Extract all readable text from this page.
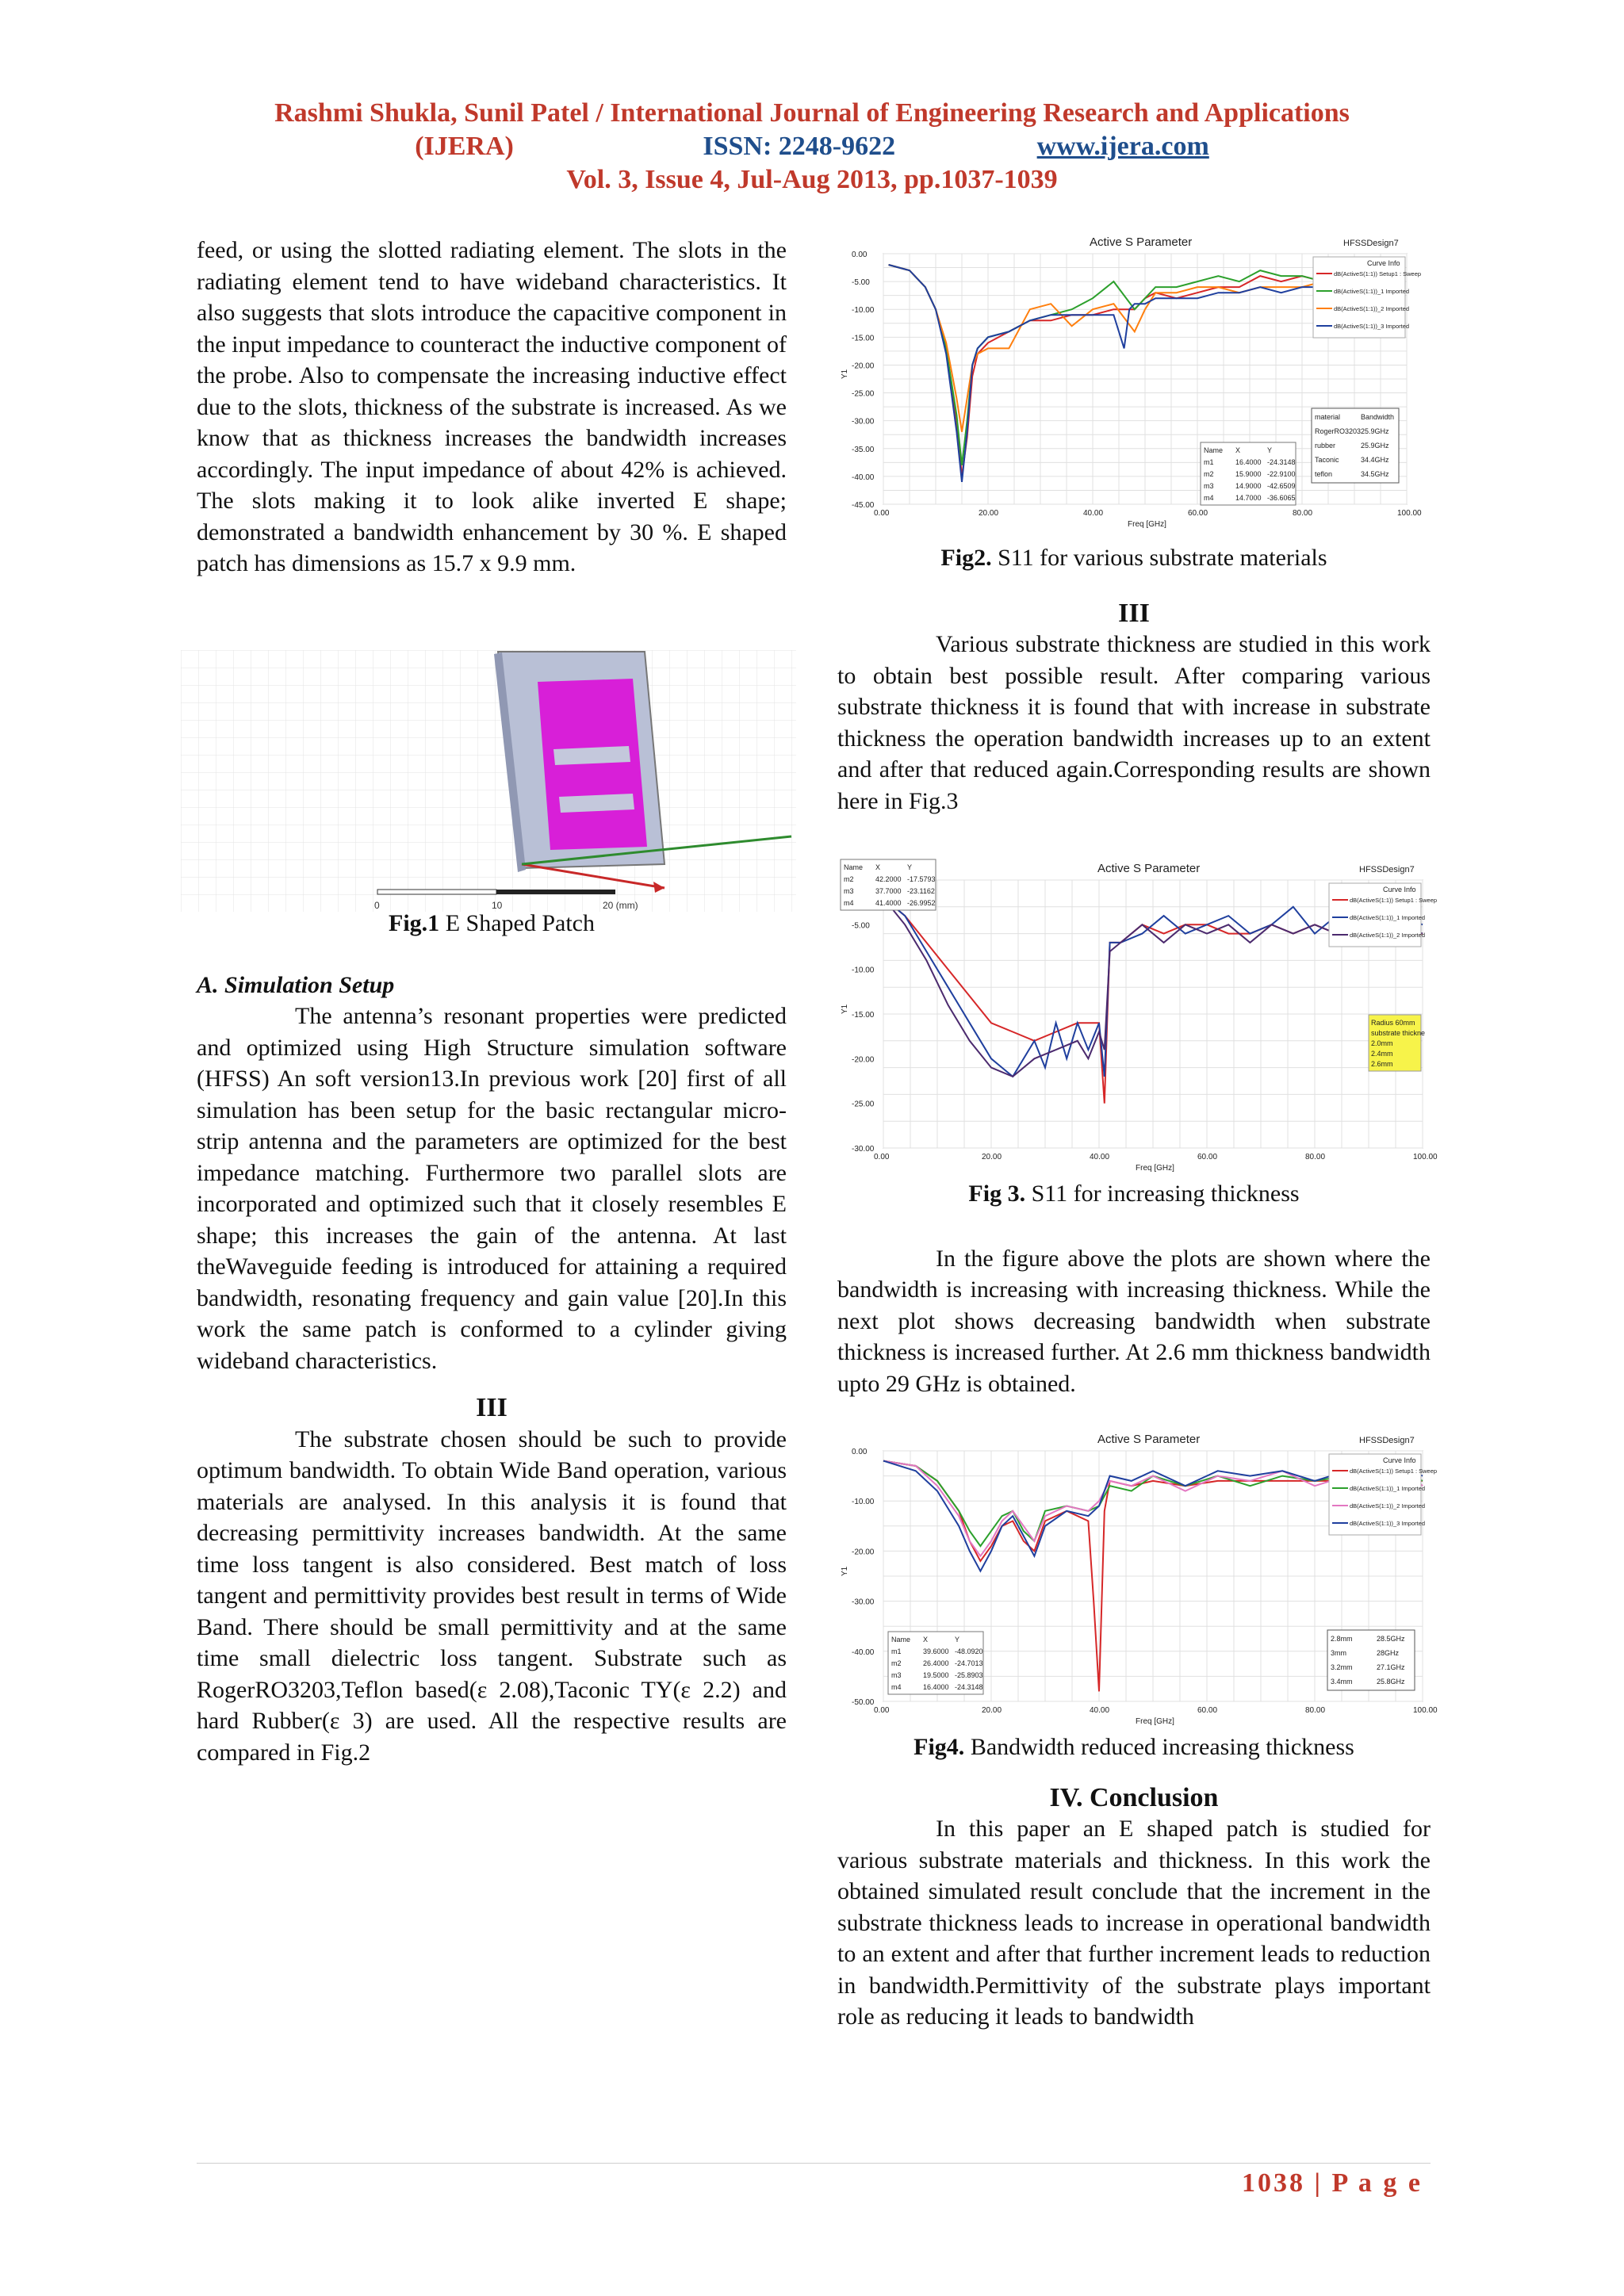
Rashmi Shukla, Sunil Patel / International Journal of Engineering Research and Applications
(IJERA)	ISSN: 2248-9622	www.ijera.com
Vol. 3, Issue 4, Jul-Aug 2013, pp.1037-1039

feed, or using the slotted radiating element. The slots in the radiating element tend to have wideband characteristics. It also suggests that slots introduce the capacitive component in the input impedance to counteract the inductive component of the probe. Also to compensate the increasing inductive effect due to the slots, thickness of the substrate is increased. As we know that as thickness increases the bandwidth increases accordingly. The input impedance of about 42% is achieved. The slots making it to look alike inverted E shape; demonstrated a bandwidth enhancement by 30 %. E shaped patch has dimensions as 15.7 x 9.9 mm.

0	10	20 (mm)

Fig.1 E Shaped Patch

A. Simulation Setup

The antenna’s resonant properties were predicted and optimized using High Structure simulation software (HFSS) An soft version13.In previous work [20] first of all simulation has been setup for the basic rectangular micro-strip antenna and the parameters are optimized for the best impedance matching. Furthermore two parallel slots are incorporated and optimized such that it closely resembles E shape; this increases the gain of the antenna. At last theWaveguide feeding is introduced for attaining a required bandwidth, resonating frequency and gain value [20].In this work the same patch is conformed to a cylinder giving wideband characteristics.

III

The substrate chosen should be such to provide optimum bandwidth. To obtain Wide Band operation, various materials are analysed. In this analysis it is found that decreasing permittivity increases bandwidth. At the same time loss tangent is also considered. Best match of loss tangent and permittivity provides best result in terms of Wide Band. There should be small permittivity and at the same time small dielectric loss tangent. Substrate such as RogerRO3203,Teflon based(ε 2.08),Taconic TY(ε 2.2) and hard Rubber(ε 3) are used. All the respective results are compared in Fig.2

0.00	20.00	40.00	60.00	80.00	100.00
0.00
-5.00
-10.00
-15.00
-20.00
-25.00
-30.00
-35.00
-40.00
-45.00
Freq [GHz]
Y1
Active S Parameter	HFSSDesign7
Curve Info
dB(ActiveS(1:1)) Setup1 : Sweep
dB(ActiveS(1:1))_1 Imported
dB(ActiveS(1:1))_2 Imported
dB(ActiveS(1:1))_3 Imported
Name X	Y
m1	16.4000 -24.3148
m2	15.9000 -22.9100
m3	14.9000 -42.6509
m4	14.7000 -36.6065
material	Bandwidth
RogerRO3203 25.9GHz
rubber	25.9GHz
Taconic	34.4GHz
teflon	34.5GHz

Fig2. S11 for various substrate materials

III

Various substrate thickness are studied in this work to obtain best possible result. After comparing various substrate thickness it is found that with increase in substrate thickness the operation bandwidth increases up to an extent and after that reduced again.Corresponding results are shown here in Fig.3

0.00	20.00	40.00	60.00	80.00	100.00
-5.00
-10.00
-15.00
-20.00
-25.00
-30.00
Freq [GHz]
Y1
Active S Parameter	HFSSDesign7
Curve Info
dB(ActiveS(1:1)) Setup1 : Sweep
dB(ActiveS(1:1))_1 Imported
dB(ActiveS(1:1))_2 Imported
Name X	Y
m2	42.2000 -17.5793
m3	37.7000 -23.1162
m4	41.4000 -26.9952
Radius 60mm
substrate thickne
2.0mm
2.4mm
2.6mm

Fig 3. S11 for increasing thickness

In the figure above the plots are shown where the bandwidth is increasing with increasing thickness. While the next plot shows decreasing bandwidth when substrate thickness is increased further. At 2.6 mm thickness bandwidth upto 29 GHz is obtained.

0.00	20.00	40.00	60.00	80.00	100.00
0.00
-10.00
-20.00
-30.00
-40.00
-50.00
Freq [GHz]
Y1
Active S Parameter	HFSSDesign7
Curve Info
dB(ActiveS(1:1)) Setup1 : Sweep
dB(ActiveS(1:1))_1 Imported
dB(ActiveS(1:1))_2 Imported
dB(ActiveS(1:1))_3 Imported
Name X	Y
m1	39.6000 -48.0920
m2	26.4000 -24.7013
m3	19.5000 -25.8903
m4	16.4000 -24.3148
2.8mm	28.5GHz
3mm	28GHz
3.2mm	27.1GHz
3.4mm	25.8GHz

Fig4. Bandwidth reduced increasing thickness

IV. Conclusion

In this paper an E shaped patch is studied for various substrate materials and thickness. In this work the obtained simulated result conclude that the increment in the substrate thickness leads to increase in operational bandwidth to an extent and after that further increment leads to reduction in bandwidth.Permittivity of the substrate plays important role as reducing it leads to bandwidth

1038 | P a g e
